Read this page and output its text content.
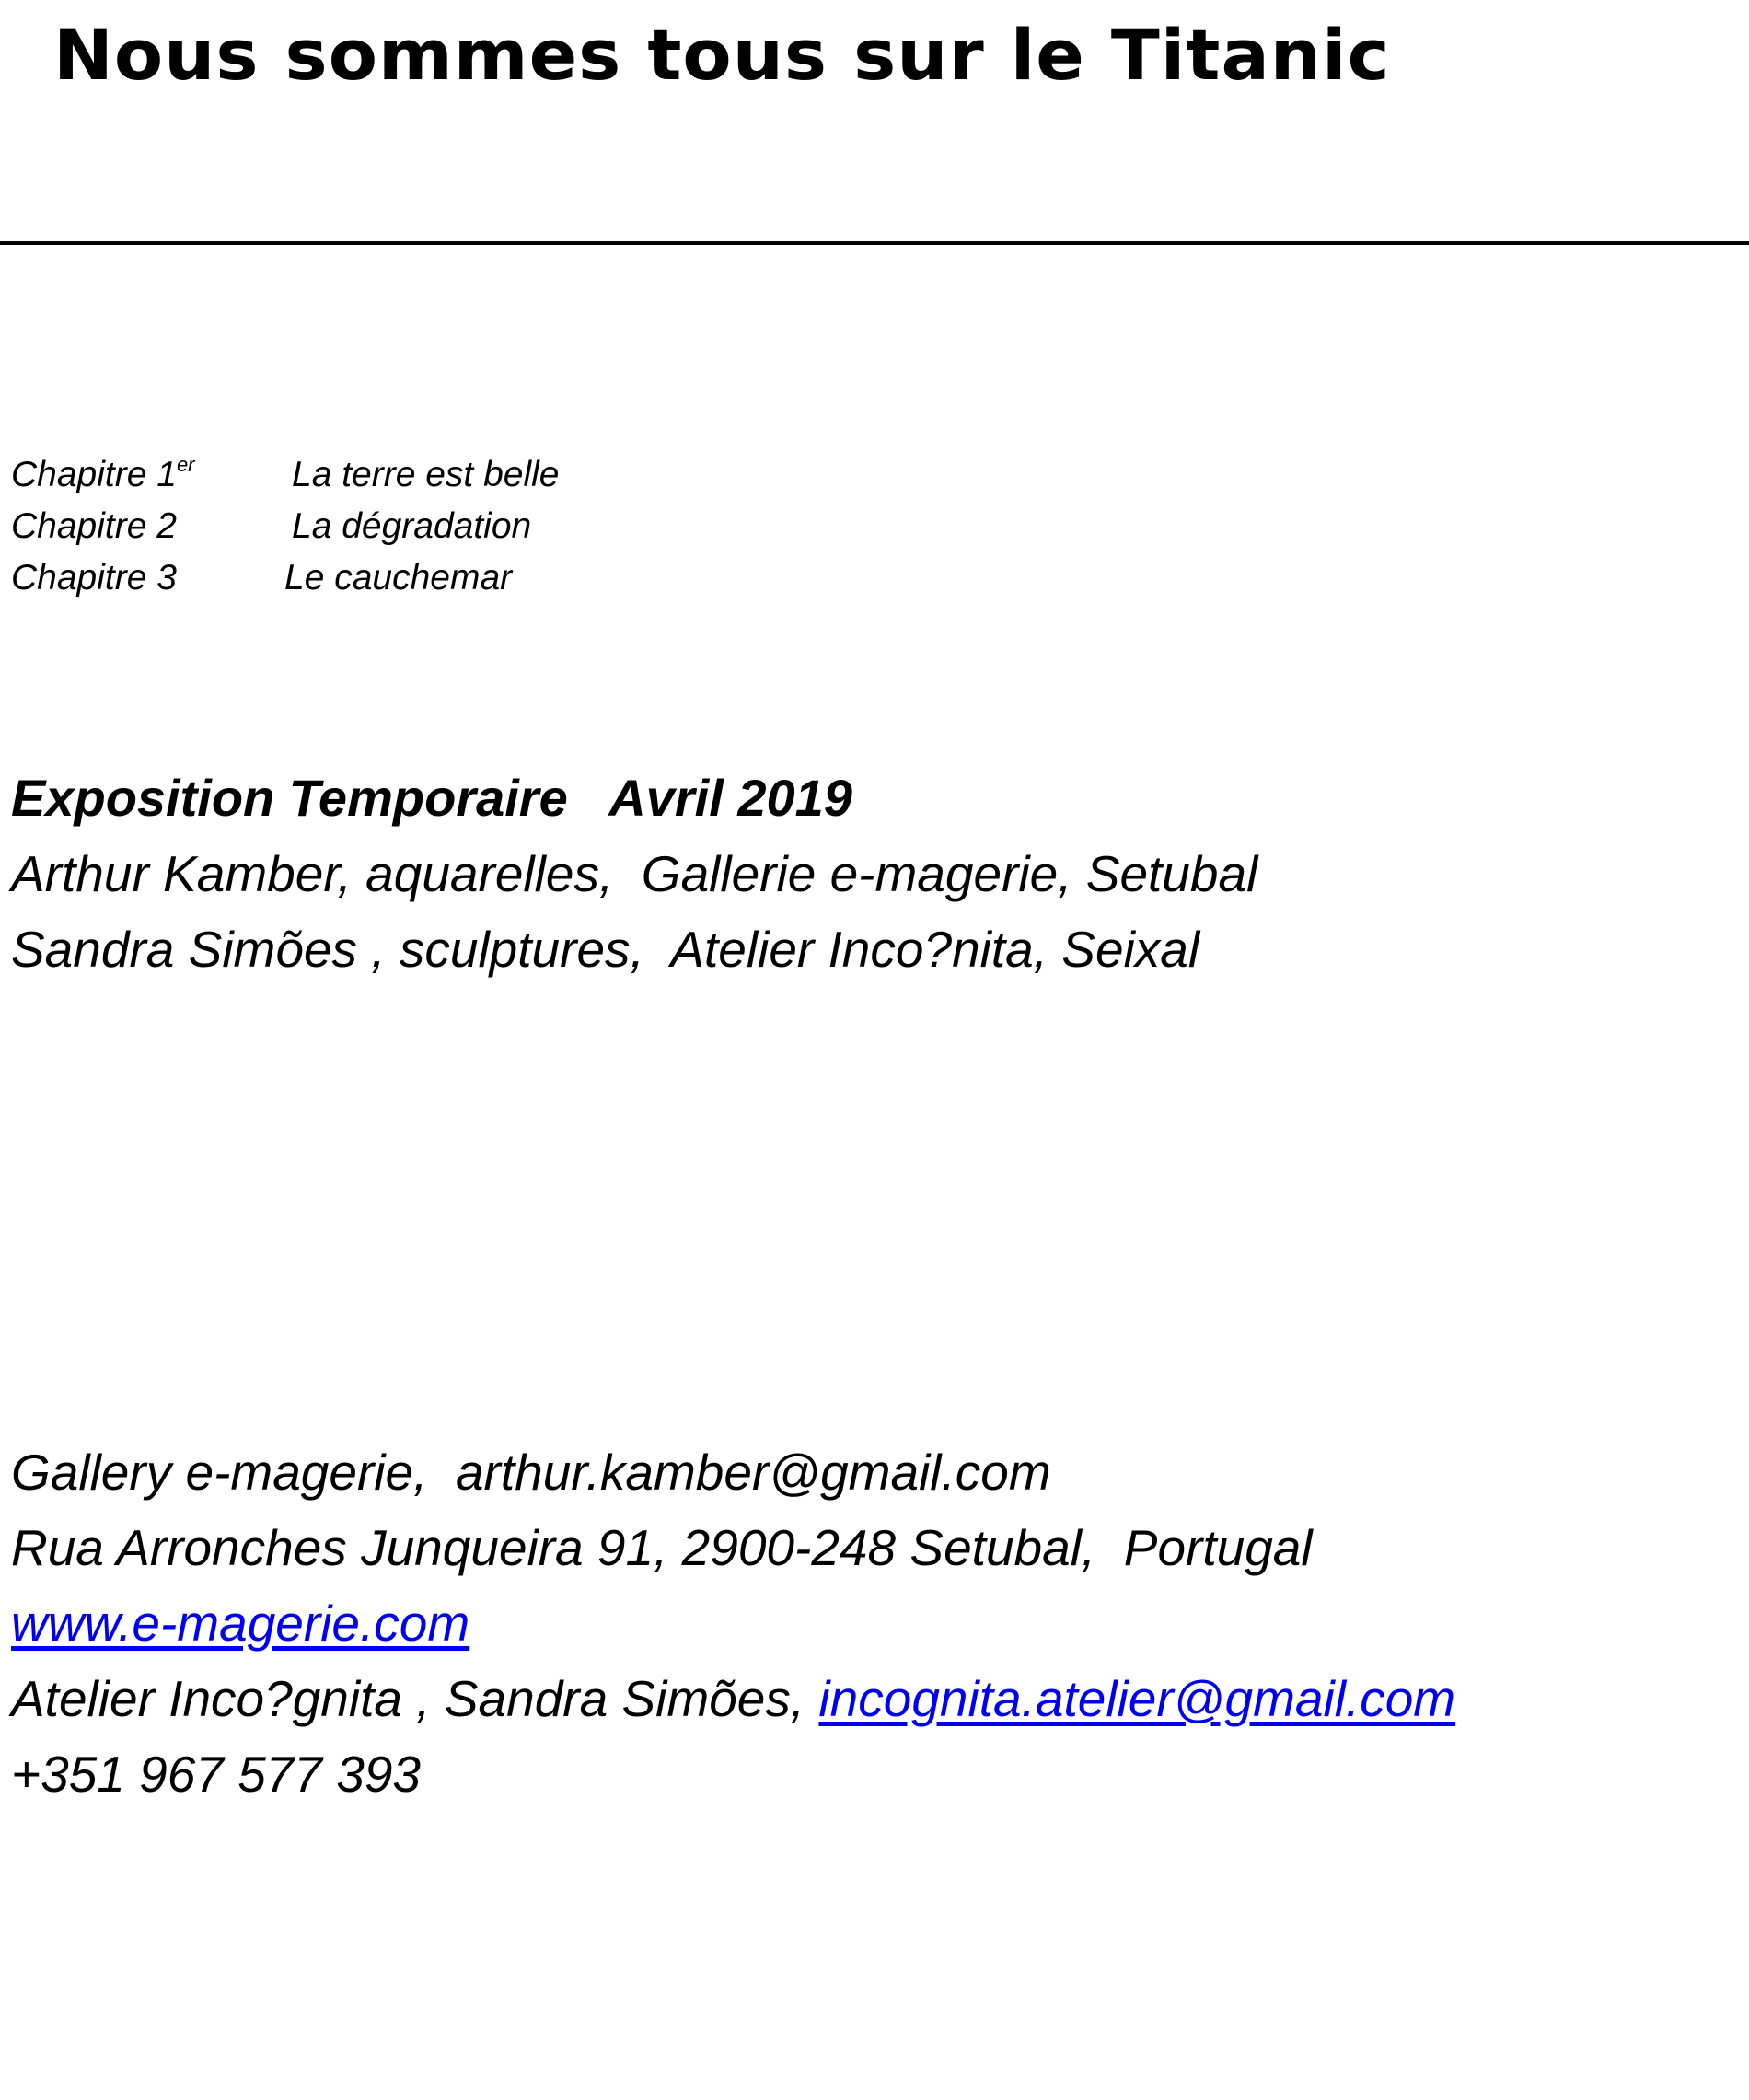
Nous sommes tous sur le Titanic
Chapitre 1er	La terre est belle
Chapitre 2	La dégradation
Chapitre 3	Le cauchemar
Exposition Temporaire   Avril 2019
Arthur Kamber, aquarelles,  Gallerie e-magerie, Setubal
Sandra Simões , sculptures,  Atelier Inco?nita, Seixal
Gallery e-magerie,  arthur.kamber@gmail.com
Rua Arronches Junqueira 91, 2900-248 Setubal,  Portugal
www.e-magerie.com
Atelier Inco?gnita , Sandra Simões, incognita.atelier@gmail.com
+351 967 577 393
